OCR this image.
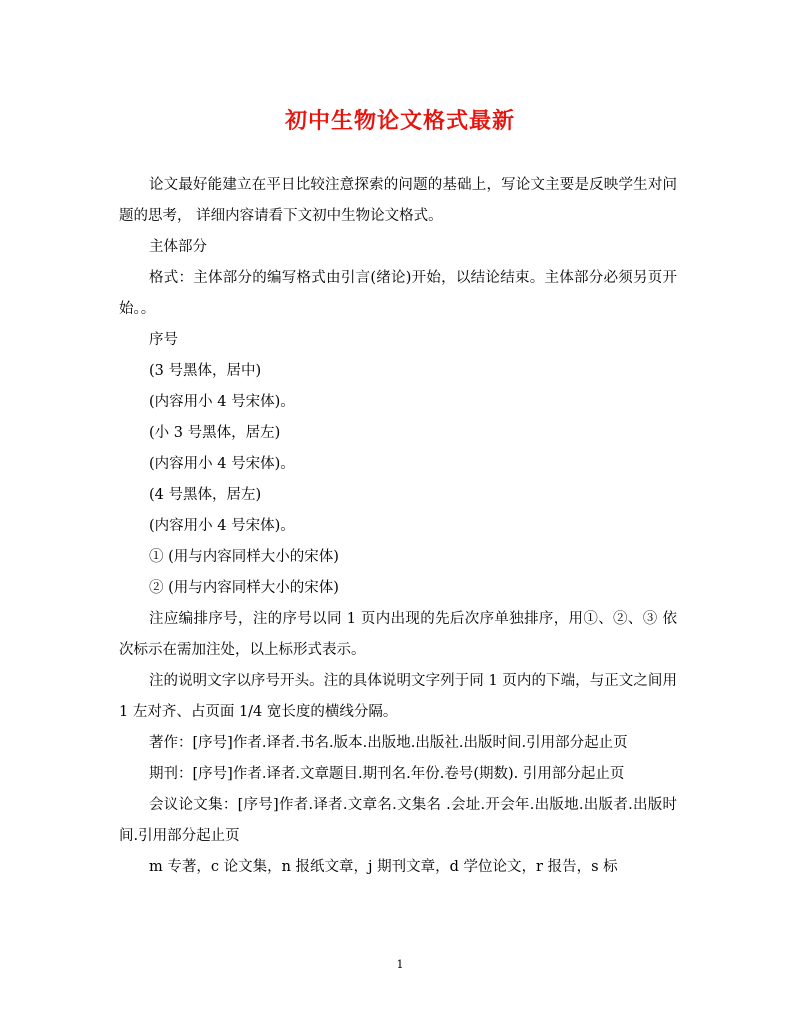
初中生物论文格式最新

论文最好能建立在平日比较注意探索的问题的基础上，写论文主要是反映学生对问题的思考， 详细内容请看下文初中生物论文格式。

主体部分

格式：主体部分的编写格式由引言(绪论)开始，以结论结束。主体部分必须另页开始。。

序号

(3 号黑体，居中)

(内容用小 4 号宋体)。

(小 3 号黑体，居左)

(内容用小 4 号宋体)。

(4 号黑体，居左)

(内容用小 4 号宋体)。

① (用与内容同样大小的宋体)

② (用与内容同样大小的宋体)

注应编排序号，注的序号以同 1 页内出现的先后次序单独排序，用①、②、③ 依次标示在需加注处，以上标形式表示。

注的说明文字以序号开头。注的具体说明文字列于同 1 页内的下端，与正文之间用 1 左对齐、占页面 1/4 宽长度的横线分隔。

著作：[序号]作者.译者.书名.版本.出版地.出版社.出版时间.引用部分起止页

期刊：[序号]作者.译者.文章题目.期刊名.年份.卷号(期数). 引用部分起止页

会议论文集：[序号]作者.译者.文章名.文集名 .会址.开会年.出版地.出版者.出版时间.引用部分起止页

m 专著，c 论文集，n 报纸文章，j 期刊文章，d 学位论文，r 报告，s 标

1
